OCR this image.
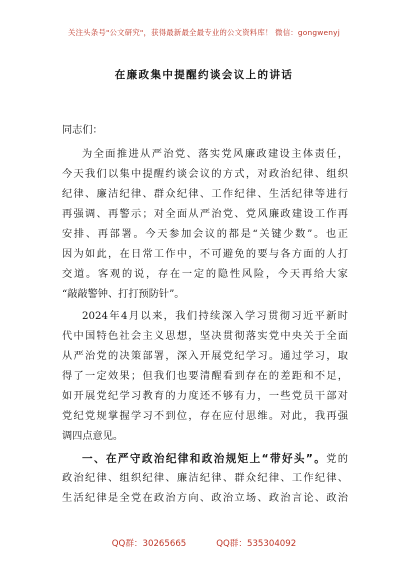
关注头条号"公文研究"，获得最新最全最专业的公文资料库！ 微信：gongwenyj
在廉政集中提醒约谈会议上的讲话
同志们：
为全面推进从严治党、落实党风廉政建设主体责任，
今天我们以集中提醒约谈会议的方式，对政治纪律、组织
纪律、廉洁纪律、群众纪律、工作纪律、生活纪律等进行
再强调、再警示；对全面从严治党、党风廉政建设工作再
安排、再部署。今天参加会议的都是“关键少数”。也正
因为如此，在日常工作中，不可避免的要与各方面的人打
交道。客观的说，存在一定的隐性风险，今天再给大家
“敲敲警钟、打打预防针”。
2024年4月以来，我们持续深入学习贯彻习近平新时
代中国特色社会主义思想，坚决贯彻落实党中央关于全面
从严治党的决策部署，深入开展党纪学习。通过学习，取
得了一定效果；但我们也要清醒看到存在的差距和不足，
如开展党纪学习教育的力度还不够有力，一些党员干部对
党纪党规掌握学习不到位，存在应付思维。对此，我再强
调四点意见。
一、在严守政治纪律和政治规矩上“带好头”。党的
政治纪律、组织纪律、廉洁纪律、群众纪律、工作纪律、
生活纪律是全党在政治方向、政治立场、政治言论、政治
QQ群：30265665	QQ群：535304092
